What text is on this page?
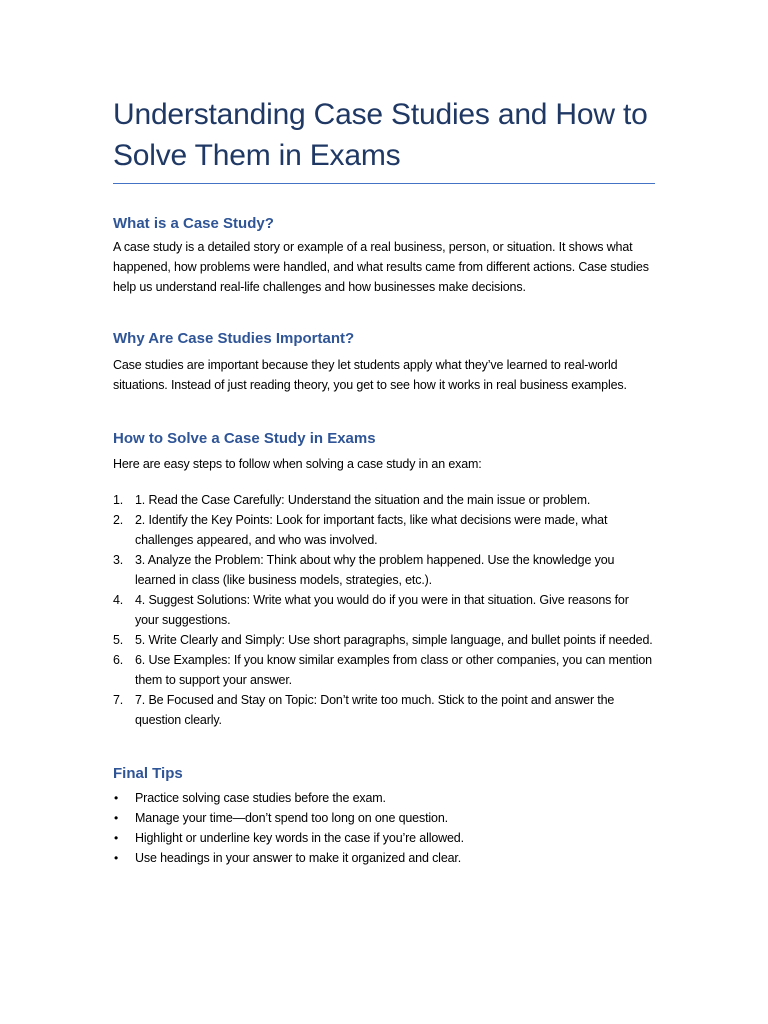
Understanding Case Studies and How to Solve Them in Exams
What is a Case Study?

A case study is a detailed story or example of a real business, person, or situation. It shows what happened, how problems were handled, and what results came from different actions. Case studies help us understand real-life challenges and how businesses make decisions.

Why Are Case Studies Important?

Case studies are important because they let students apply what they’ve learned to real-world situations. Instead of just reading theory, you get to see how it works in real business examples.

How to Solve a Case Study in Exams

Here are easy steps to follow when solving a case study in an exam:

1. 1. Read the Case Carefully: Understand the situation and the main issue or problem.
2. 2. Identify the Key Points: Look for important facts, like what decisions were made, what challenges appeared, and who was involved.
3. 3. Analyze the Problem: Think about why the problem happened. Use the knowledge you learned in class (like business models, strategies, etc.).
4. 4. Suggest Solutions: Write what you would do if you were in that situation. Give reasons for your suggestions.
5. 5. Write Clearly and Simply: Use short paragraphs, simple language, and bullet points if needed.
6. 6. Use Examples: If you know similar examples from class or other companies, you can mention them to support your answer.
7. 7. Be Focused and Stay on Topic: Don’t write too much. Stick to the point and answer the question clearly.
Final Tips
• Practice solving case studies before the exam.
• Manage your time—don’t spend too long on one question.
• Highlight or underline key words in the case if you’re allowed.
• Use headings in your answer to make it organized and clear.
